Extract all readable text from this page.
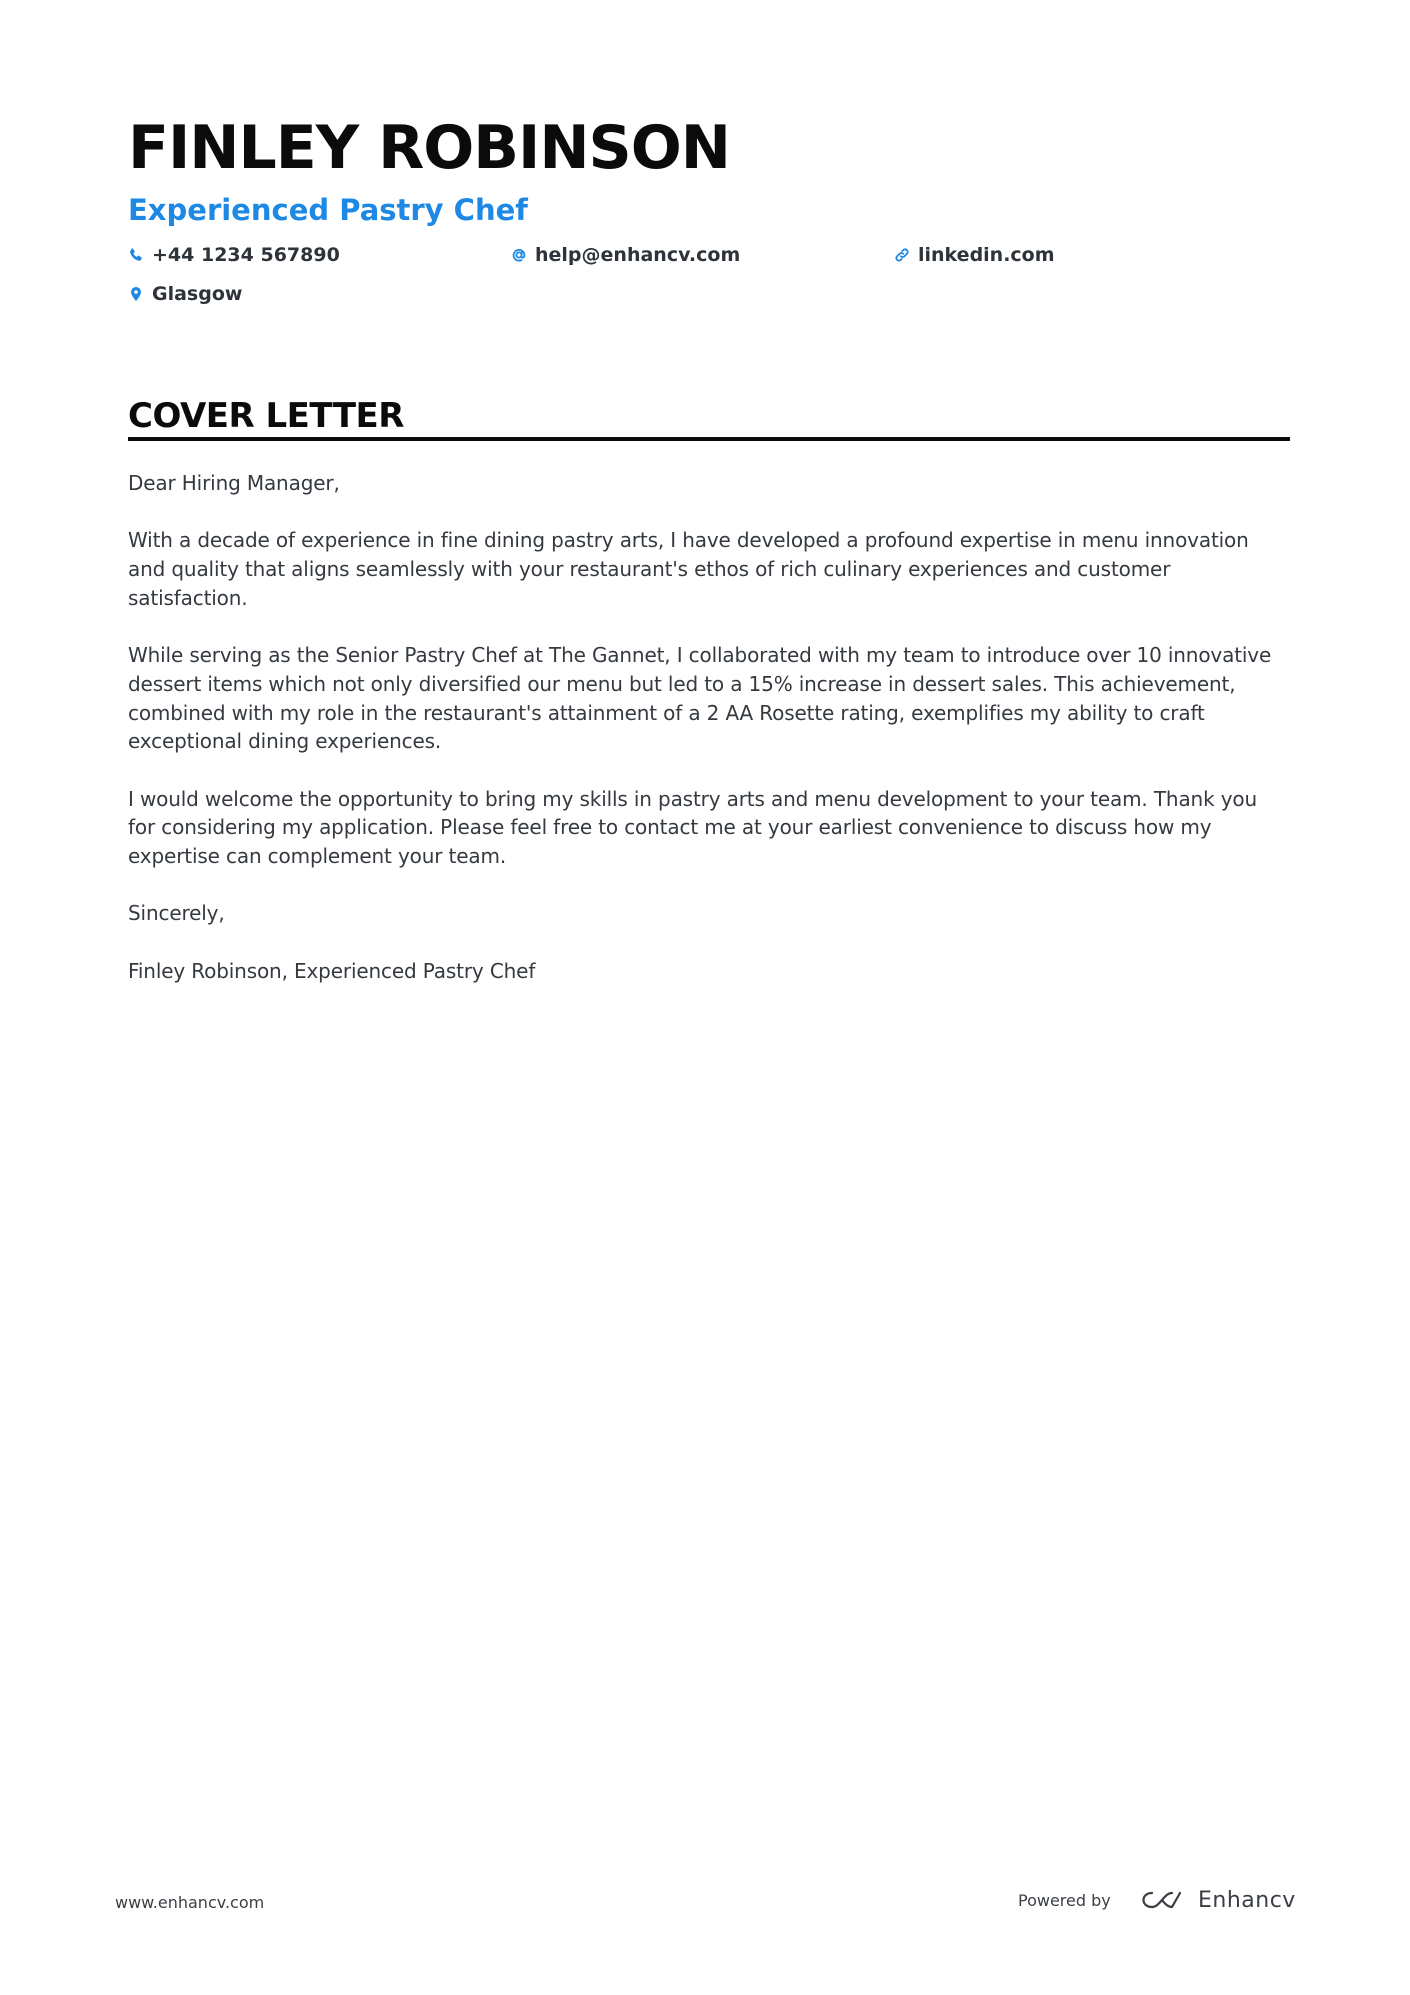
FINLEY ROBINSON
Experienced Pastry Chef
+44 1234 567890	help@enhancv.com	linkedin.com
Glasgow
COVER LETTER

Dear Hiring Manager,

With a decade of experience in fine dining pastry arts, I have developed a profound expertise in menu innovation and quality that aligns seamlessly with your restaurant's ethos of rich culinary experiences and customer satisfaction.

While serving as the Senior Pastry Chef at The Gannet, I collaborated with my team to introduce over 10 innovative dessert items which not only diversified our menu but led to a 15% increase in dessert sales. This achievement, combined with my role in the restaurant's attainment of a 2 AA Rosette rating, exemplifies my ability to craft exceptional dining experiences.

I would welcome the opportunity to bring my skills in pastry arts and menu development to your team. Thank you for considering my application. Please feel free to contact me at your earliest convenience to discuss how my expertise can complement your team.

Sincerely,

Finley Robinson, Experienced Pastry Chef

www.enhancv.com	Powered by	Enhancv
